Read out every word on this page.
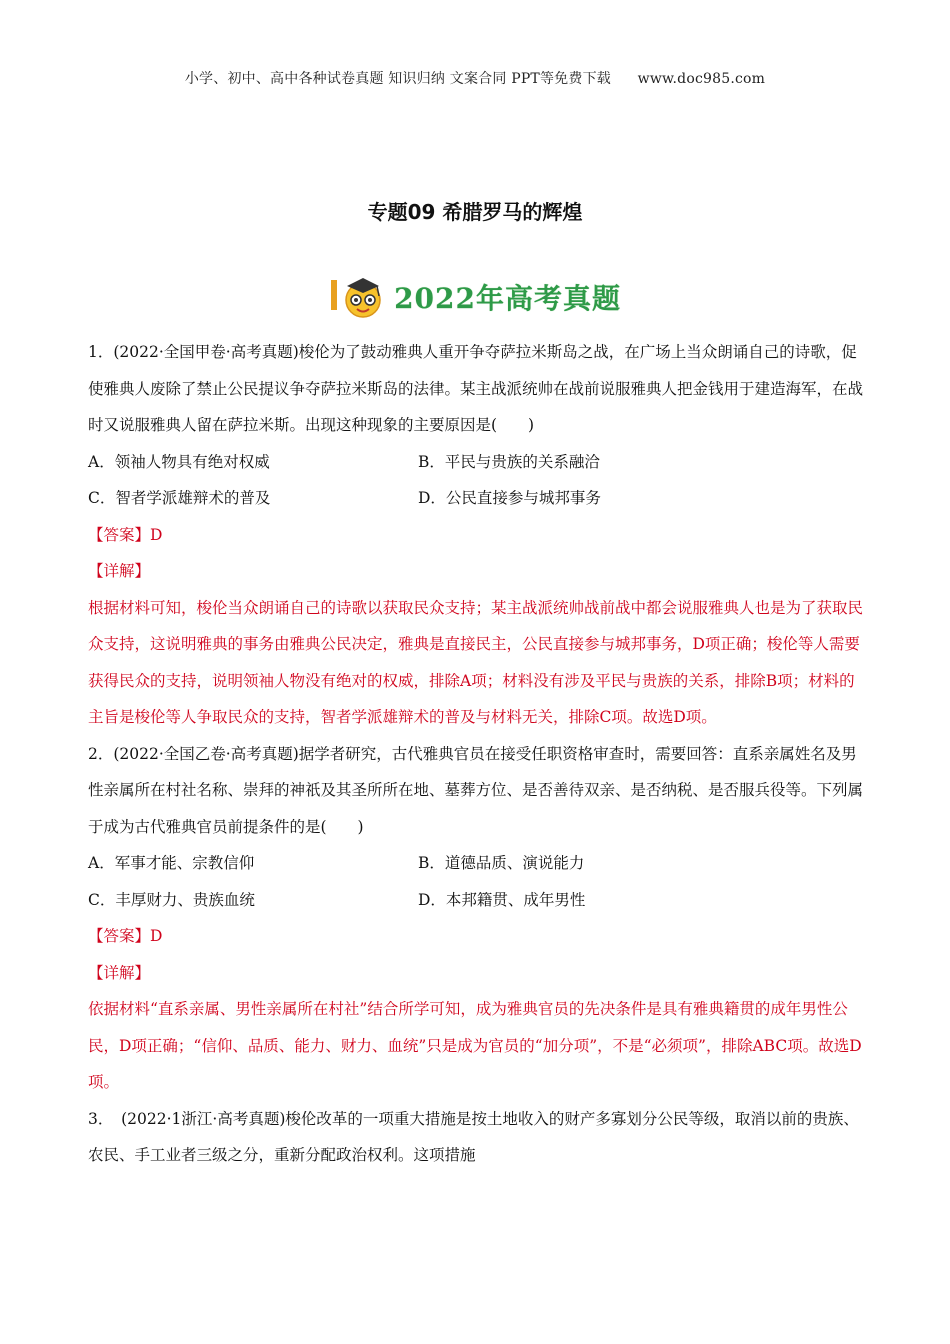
小学、初中、高中各种试卷真题 知识归纳 文案合同 PPT等免费下载 www.doc985.com
专题09 希腊罗马的辉煌
2022年高考真题

1．(2022·全国甲卷·高考真题)梭伦为了鼓动雅典人重开争夺萨拉米斯岛之战，在广场上当众朗诵自己的诗歌，促使雅典人废除了禁止公民提议争夺萨拉米斯岛的法律。某主战派统帅在战前说服雅典人把金钱用于建造海军，在战时又说服雅典人留在萨拉米斯。出现这种现象的主要原因是(　　)

A．领袖人物具有绝对权威	B．平民与贵族的关系融洽
C．智者学派雄辩术的普及	D．公民直接参与城邦事务

【答案】D

【详解】

根据材料可知，梭伦当众朗诵自己的诗歌以获取民众支持；某主战派统帅战前战中都会说服雅典人也是为了获取民众支持，这说明雅典的事务由雅典公民决定，雅典是直接民主，公民直接参与城邦事务，D项正确；梭伦等人需要获得民众的支持，说明领袖人物没有绝对的权威，排除A项；材料没有涉及平民与贵族的关系，排除B项；材料的主旨是梭伦等人争取民众的支持，智者学派雄辩术的普及与材料无关，排除C项。故选D项。

2．(2022·全国乙卷·高考真题)据学者研究，古代雅典官员在接受任职资格审查时，需要回答：直系亲属姓名及男性亲属所在村社名称、崇拜的神祇及其圣所所在地、墓葬方位、是否善待双亲、是否纳税、是否服兵役等。下列属于成为古代雅典官员前提条件的是(　　)

A．军事才能、宗教信仰	B．道德品质、演说能力
C．丰厚财力、贵族血统	D．本邦籍贯、成年男性

【答案】D

【详解】

依据材料“直系亲属、男性亲属所在村社”结合所学可知，成为雅典官员的先决条件是具有雅典籍贯的成年男性公民，D项正确；“信仰、品质、能力、财力、血统”只是成为官员的“加分项”，不是“必须项”，排除ABC项。故选D项。

3．　(2022·1浙江·高考真题)梭伦改革的一项重大措施是按土地收入的财产多寡划分公民等级，取消以前的贵族、农民、手工业者三级之分，重新分配政治权利。这项措施
